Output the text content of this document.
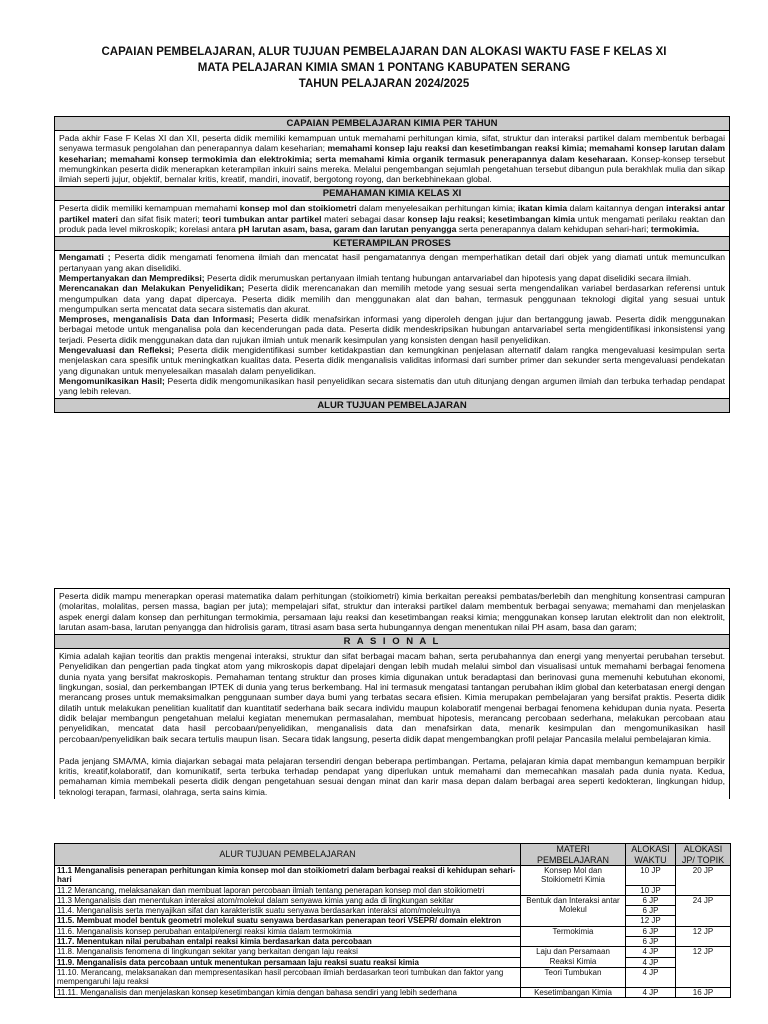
CAPAIAN PEMBELAJARAN, ALUR TUJUAN PEMBELAJARAN DAN ALOKASI WAKTU FASE F KELAS XI
MATA PELAJARAN KIMIA SMAN 1 PONTANG KABUPATEN SERANG
TAHUN PELAJARAN 2024/2025
CAPAIAN PEMBELAJARAN KIMIA PER TAHUN
Pada akhir Fase F Kelas XI dan XII, peserta didik memiliki kemampuan untuk memahami perhitungan kimia, sifat, struktur dan interaksi partikel dalam membentuk berbagai senyawa termasuk pengolahan dan penerapannya dalam keseharian; memahami konsep laju reaksi dan kesetimbangan reaksi kimia; memahami konsep larutan dalam keseharian; memahami konsep termokimia dan elektrokimia; serta memahami kimia organik termasuk penerapannya dalam keseharaan. Konsep-konsep tersebut memungkinkan peserta didik menerapkan keterampilan inkuiri sains mereka. Melalui pengembangan sejumlah pengetahuan tersebut dibangun pula berakhlak mulia dan sikap ilmiah seperti jujur, objektif, bernalar kritis, kreatif, mandiri, inovatif, bergotong royong, dan berkebhinekaan global.
PEMAHAMAN KIMIA KELAS XI
Peserta didik memiliki kemampuan memahami konsep mol dan stoikiometri dalam menyelesaikan perhitungan kimia; ikatan kimia dalam kaitannya dengan interaksi antar partikel materi dan sifat fisik materi; teori tumbukan antar partikel materi sebagai dasar konsep laju reaksi; kesetimbangan kimia untuk mengamati perilaku reaktan dan produk pada level mikroskopik; korelasi antara pH larutan asam, basa, garam dan larutan penyangga serta penerapannya dalam kehidupan sehari-hari; termokimia.
KETERAMPILAN PROSES
Mengamati ; Peserta didik mengamati fenomena ilmiah dan mencatat hasil pengamatannya dengan memperhatikan detail dari objek yang diamati untuk memunculkan pertanyaan yang akan diselidiki.
Mempertanyakan dan Memprediksi; Peserta didik merumuskan pertanyaan ilmiah tentang hubungan antarvariabel dan hipotesis yang dapat diselidiki secara ilmiah.
Merencanakan dan Melakukan Penyelidikan; Peserta didik merencanakan dan memilih metode yang sesuai serta mengendalikan variabel berdasarkan referensi untuk mengumpulkan data yang dapat dipercaya. Peserta didik memilih dan menggunakan alat dan bahan, termasuk penggunaan teknologi digital yang sesuai untuk mengumpulkan serta mencatat data secara sistematis dan akurat.
Memproses, menganalisis Data dan Informasi; Peserta didik menafsirkan informasi yang diperoleh dengan jujur dan bertanggung jawab. Peserta didik menggunakan berbagai metode untuk menganalisa pola dan kecenderungan pada data. Peserta didik mendeskripsikan hubungan antarvariabel serta mengidentifikasi inkonsistensi yang terjadi. Peserta didik menggunakan data dan rujukan ilmiah untuk menarik kesimpulan yang konsisten dengan hasil penyelidikan.
Mengevaluasi dan Refleksi; Peserta didik mengidentifikasi sumber ketidakpastian dan kemungkinan penjelasan alternatif dalam rangka mengevaluasi kesimpulan serta menjelaskan cara spesifik untuk meningkatkan kualitas data. Peserta didik menganalisis validitas informasi dari sumber primer dan sekunder serta mengevaluasi pendekatan yang digunakan untuk menyelesaikan masalah dalam penyelidikan.
Mengomunikasikan Hasil; Peserta didik mengomunikasikan hasil penyelidikan secara sistematis dan utuh ditunjang dengan argumen ilmiah dan terbuka terhadap pendapat yang lebih relevan.
ALUR TUJUAN PEMBELAJARAN
Peserta didik mampu menerapkan operasi matematika dalam perhitungan (stoikiometri) kimia berkaitan pereaksi pembatas/berlebih dan menghitung konsentrasi campuran (molaritas, molalitas, persen massa, bagian per juta); mempelajari sifat, struktur dan interaksi partikel dalam membentuk berbagai senyawa; memahami dan menjelaskan aspek energi dalam konsep dan perhitungan termokimia, persamaan laju reaksi dan kesetimbangan reaksi kimia; menggunakan konsep larutan elektrolit dan non elektrolit, larutan asam-basa, larutan penyangga dan hidrolisis garam, titrasi asam basa serta hubungannya dengan menentukan nilai PH asam, basa dan garam;
R A S I O N A L
Kimia adalah kajian teoritis dan praktis mengenai interaksi, struktur dan sifat berbagai macam bahan, serta perubahannya dan energi yang menyertai perubahan tersebut. Penyelidikan dan pengertian pada tingkat atom yang mikroskopis dapat dipelajari dengan lebih mudah melalui simbol dan visualisasi untuk memahami berbagai fenomena dunia nyata yang bersifat makroskopis. Pemahaman tentang struktur dan proses kimia digunakan untuk beradaptasi dan berinovasi guna memenuhi kebutuhan ekonomi, lingkungan, sosial, dan perkembangan IPTEK di dunia yang terus berkembang. Hal ini termasuk mengatasi tantangan perubahan iklim global dan keterbatasan energi dengan merancang proses untuk memaksimalkan penggunaan sumber daya bumi yang terbatas secara efisien. Kimia merupakan pembelajaran yang bersifat praktis. Peserta didik dilatih untuk melakukan penelitian kualitatif dan kuantitatif sederhana baik secara individu maupun kolaboratif mengenai berbagai fenomena kehidupan dunia nyata. Peserta didik belajar membangun pengetahuan melalui kegiatan menemukan permasalahan, membuat hipotesis, merancang percobaan sederhana, melakukan percobaan atau penyelidikan, mencatat data hasil percobaan/penyelidikan, menganalisis data dan menafsirkan data, menarik kesimpulan dan mengomunikasikan hasil percobaan/penyelidikan baik secara tertulis maupun lisan. Secara tidak langsung, peserta didik dapat mengembangkan profil pelajar Pancasila melalui pembelajaran kimia.
Pada jenjang SMA/MA, kimia diajarkan sebagai mata pelajaran tersendiri dengan beberapa pertimbangan. Pertama, pelajaran kimia dapat membangun kemampuan berpikir kritis, kreatif,kolaboratif, dan komunikatif, serta terbuka terhadap pendapat yang diperlukan untuk memahami dan memecahkan masalah pada dunia nyata. Kedua, pemahaman kimia membekali peserta didik dengan pengetahuan sesuai dengan minat dan karir masa depan dalam berbagai area seperti kedokteran, lingkungan hidup, teknologi terapan, farmasi, olahraga, serta sains kimia.
ALUR TUJUAN PEMBELAJARAN	MATERI PEMBELAJARAN	ALOKASI WAKTU	ALOKASI JP/ TOPIK
11.1 Menganalisis penerapan perhitungan kimia konsep mol dan stoikiometri dalam berbagai reaksi di kehidupan sehari-hari	Konsep Mol dan Stoikiometri Kimia	10 JP	20 JP
11.2 Merancang, melaksanakan dan membuat laporan percobaan ilmiah tentang penerapan konsep mol dan stoikiometri		10 JP	
11.3 Menganalisis dan menentukan interaksi atom/molekul dalam senyawa kimia yang ada di lingkungan sekitar	Bentuk dan Interaksi antar Molekul	6 JP	24 JP
11.4. Menganalisis serta menyajikan sifat dan karakteristik suatu senyawa berdasarkan interaksi atom/molekulnya		6 JP	
11.5. Membuat model bentuk geometri molekul suatu senyawa berdasarkan penerapan teori VSEPR/ domain elektron		12 JP	
11.6. Menganalisis konsep perubahan entalpi/energi reaksi kimia dalam termokimia	Termokimia	6 JP	12 JP
11.7. Menentukan nilai perubahan entalpi reaksi kimia berdasarkan data percobaan		6 JP	
11.8. Menganalisis fenomena di lingkungan sekitar yang berkaitan dengan laju reaksi	Laju dan Persamaan Reaksi Kimia	4 JP	12 JP
11.9. Menganalisis data percobaan untuk menentukan persamaan laju reaksi suatu reaksi kimia		4 JP	
11.10. Merancang, melaksanakan dan mempresentasikan hasil percobaan ilmiah berdasarkan teori tumbukan dan faktor yang mempengaruhi laju reaksi	Teori Tumbukan	4 JP	
11.11. Menganalisis dan menjelaskan konsep kesetimbangan kimia dengan bahasa sendiri yang lebih sederhana	Kesetimbangan Kimia	4 JP	16 JP
